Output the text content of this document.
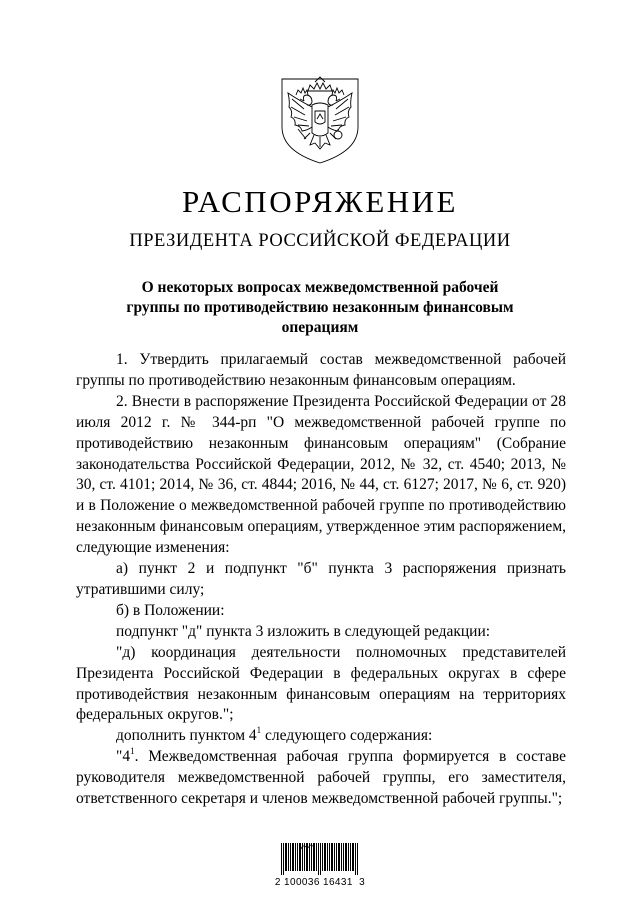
РАСПОРЯЖЕНИЕ
ПРЕЗИДЕНТА РОССИЙСКОЙ ФЕДЕРАЦИИ
О некоторых вопросах межведомственной рабочей
группы по противодействию незаконным финансовым
операциям

1. Утвердить прилагаемый состав межведомственной рабочей группы по противодействию незаконным финансовым операциям.

2. Внести в распоряжение Президента Российской Федерации от 28 июля 2012 г. № 344-рп "О межведомственной рабочей группе по противодействию незаконным финансовым операциям" (Собрание законодательства Российской Федерации, 2012, № 32, ст. 4540; 2013, № 30, ст. 4101; 2014, № 36, ст. 4844; 2016, № 44, ст. 6127; 2017, № 6, ст. 920) и в Положение о межведомственной рабочей группе по противодействию незаконным финансовым операциям, утвержденное этим распоряжением, следующие изменения:

а) пункт 2 и подпункт "б" пункта 3 распоряжения признать утратившими силу;

б) в Положении:

подпункт "д" пункта 3 изложить в следующей редакции:

"д) координация деятельности полномочных представителей Президента Российской Федерации в федеральных округах в сфере противодействия незаконным финансовым операциям на территориях федеральных округов.";

дополнить пунктом $4^1$ следующего содержания:

"$4^1$. Межведомственная рабочая группа формируется в составе руководителя межведомственной рабочей группы, его заместителя, ответственного секретаря и членов межведомственной рабочей группы.";

2 100036 16431  3
